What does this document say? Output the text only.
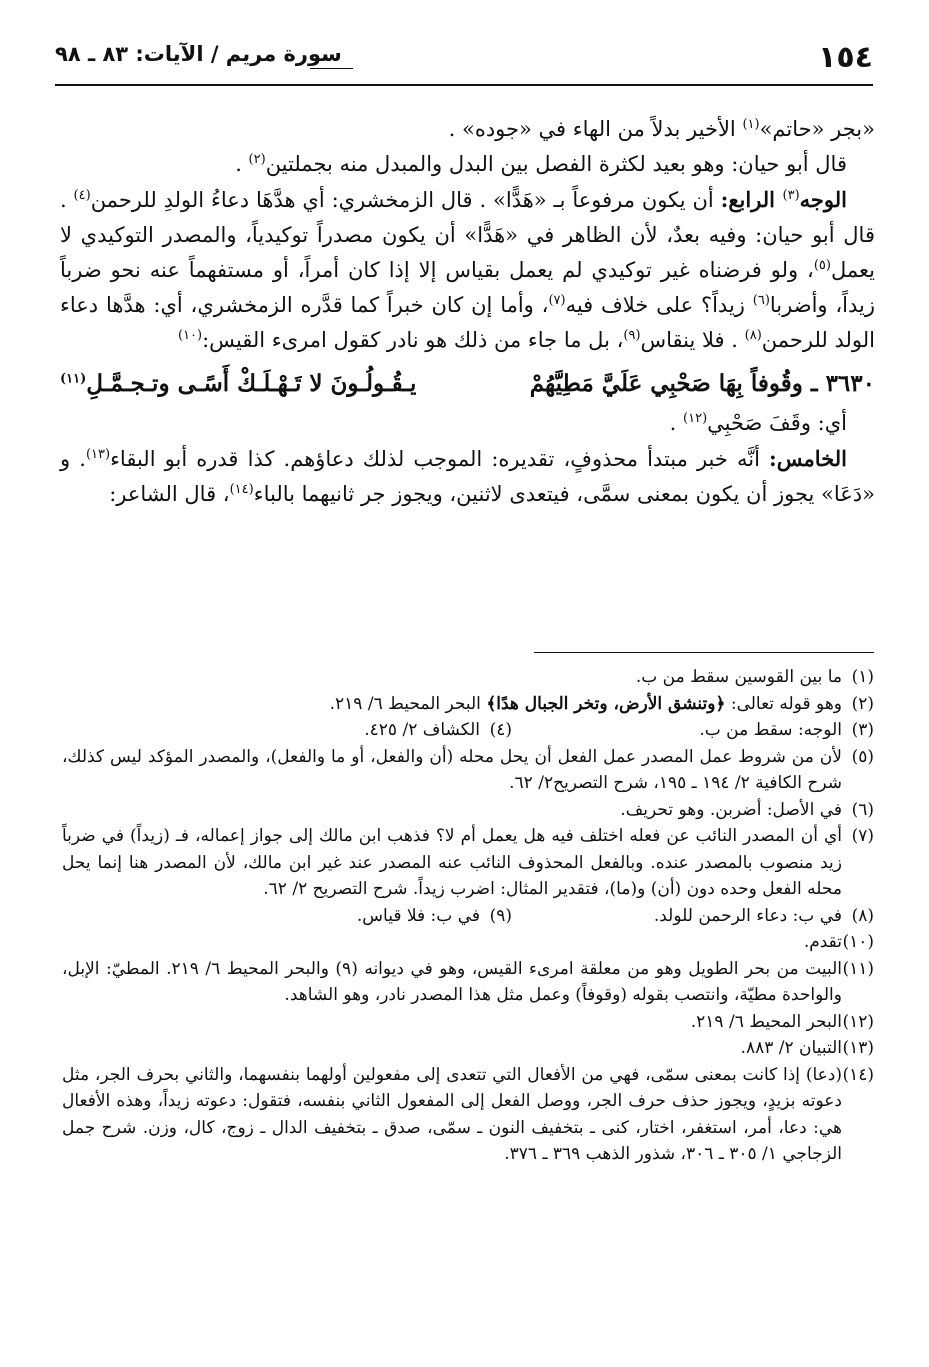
١٥٤
سورة مريم / الآيات: ٨٣ ـ ٩٨

«بجر «حاتم»$^{(١)}$ الأخير بدلاً من الهاء في «جوده» .

قال أبو حيان: وهو بعيد لكثرة الفصل بين البدل والمبدل منه بجملتين$^{(٢)}$ .

الوجه$^{(٣)}$ الرابع: أن يكون مرفوعاً بـ «هَدًّا» . قال الزمخشري: أي هدَّهَا دعاءُ الولدِ للرحمن$^{(٤)}$ . قال أبو حيان: وفيه بعدٌ، لأن الظاهر في «هَدًّا» أن يكون مصدراً توكيدياً، والمصدر التوكيدي لا يعمل$^{(٥)}$، ولو فرضناه غير توكيدي لم يعمل بقياس إلا إذا كان أمراً، أو مستفهماً عنه نحو ضرباً زيداً، وأضربا$^{(٦)}$ زيداً؟ على خلاف فيه$^{(٧)}$، وأما إن كان خبراً كما قدَّره الزمخشري، أي: هدَّها دعاء الولد للرحمن$^{(٨)}$ . فلا ينقاس$^{(٩)}$، بل ما جاء من ذلك هو نادر كقول امرىء القيس:$^{(١٠)}$

٣٦٣٠ ـ وقُوفاً بِهَا صَحْبِي عَلَيَّ مَطِيَّهُمْ
يـقُـولُـونَ لا تَـهْـلَـكْ أَسًـى وتـجـمَّـلِ$^{(١١)}$

أي: وقَفَ صَحْبِي$^{(١٢)}$ .

الخامس: أنَّه خبر مبتدأ محذوفٍ، تقديره: الموجب لذلك دعاؤهم. كذا قدره أبو البقاء$^{(١٣)}$. و «دَعَا» يجوز أن يكون بمعنى سمَّى، فيتعدى لاثنين، ويجوز جر ثانيهما بالباء$^{(١٤)}$، قال الشاعر:

(١)
ما بين القوسين سقط من ب.

(٢)
وهو قوله تعالى: ﴿وتنشق الأرض، وتخر الجبال هدًا﴾ البحر المحيط ٦/ ٢١٩.

(٣)
الوجه: سقط من ب.
(٤)
الكشاف ٢/ ٤٢٥.

(٥)
لأن من شروط عمل المصدر عمل الفعل أن يحل محله (أن والفعل، أو ما والفعل)، والمصدر المؤكد ليس كذلك، شرح الكافية ٢/ ١٩٤ ـ ١٩٥، شرح التصريح٢/ ٦٢.

(٦)
في الأصل: أضربن. وهو تحريف.

(٧)
أي أن المصدر النائب عن فعله اختلف فيه هل يعمل أم لا؟ فذهب ابن مالك إلى جواز إعماله، فـ (زيداً) في ضرباً زيد منصوب بالمصدر عنده. وبالفعل المحذوف النائب عنه المصدر عند غير ابن مالك، لأن المصدر هنا إنما يحل محله الفعل وحده دون (أن) و(ما)، فتقدير المثال: اضرب زيداً. شرح التصريح ٢/ ٦٢.

(٨)
في ب: دعاء الرحمن للولد.
(٩)
في ب: فلا قياس.

(١٠)
تقدم.

(١١)
البيت من بحر الطويل وهو من معلقة امرىء القيس، وهو في ديوانه (٩) والبحر المحيط ٦/ ٢١٩. المطيّ: الإبل، والواحدة مطيّة، وانتصب بقوله (وقوفاً) وعمل مثل هذا المصدر نادر، وهو الشاهد.

(١٢)
البحر المحيط ٦/ ٢١٩.

(١٣)
التبيان ٢/ ٨٨٣.

(١٤)
(دعا) إذا كانت بمعنى سمّى، فهي من الأفعال التي تتعدى إلى مفعولين أولهما بنفسهما، والثاني بحرف الجر، مثل دعوته بزيدٍ، ويجوز حذف حرف الجر، ووصل الفعل إلى المفعول الثاني بنفسه، فتقول: دعوته زيداً، وهذه الأفعال هي: دعا، أمر، استغفر، اختار، كنى ـ بتخفيف النون ـ سمّى، صدق ـ بتخفيف الدال ـ زوج، كال، وزن. شرح جمل الزجاجي ١/ ٣٠٥ ـ ٣٠٦، شذور الذهب ٣٦٩ ـ ٣٧٦.
